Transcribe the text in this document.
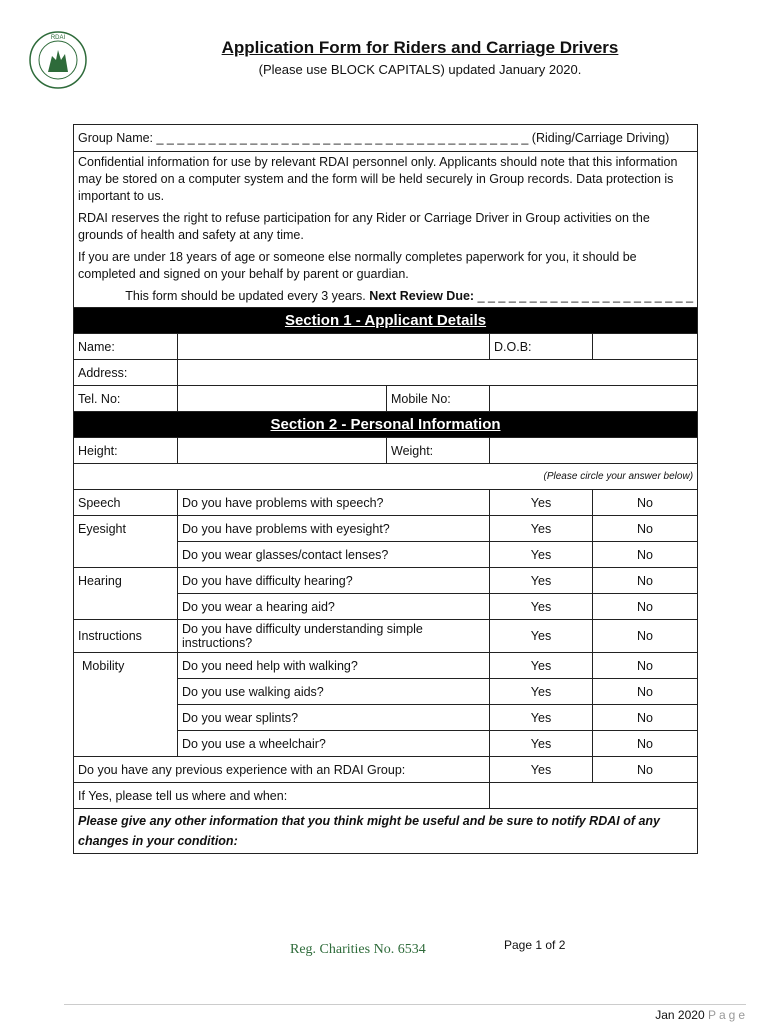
RDAI	Application Form for Riders and Carriage Drivers
(Please use BLOCK CAPITALS) updated January 2020.
Group Name: _ _ _ _ _ _ _ _ _ _ _ _ _ _ _ _ _ _ _ _ _ _ _ _ _ _ _ _ _ _ _ _ _ _ _ _ (Riding/Carriage Driving)				

Confidential information for use by relevant RDAI personnel only. Applicants should note that this information may be stored on a computer system and the form will be held securely in Group records. Data protection is important to us.

RDAI reserves the right to refuse participation for any Rider or Carriage Driver in Group activities on the grounds of health and safety at any time.

If you are under 18 years of age or someone else normally completes paperwork for you, it should be completed and signed on your behalf by parent or guardian.

This form should be updated every 3 years. Next Review Due: _ _ _ _ _ _ _ _ _ _ _ _ _ _ _ _ _ _ _ _ _				

Section 1 - Applicant Details				
Name:			D.O.B:	
Address:				
Tel. No:		Mobile No:		
Section 2 - Personal Information				
Height:		Weight:		
(Please circle your answer below)				
Speech	Do you have problems with speech?		Yes	No
Eyesight	Do you have problems with eyesight?		Yes	No
	Do you wear glasses/contact lenses?		Yes	No
Hearing	Do you have difficulty hearing?		Yes	No
	Do you wear a hearing aid?		Yes	No
Instructions	Do you have difficulty understanding simple instructions?		Yes	No
Mobility	Do you need help with walking?		Yes	No
	Do you use walking aids?		Yes	No
	Do you wear splints?		Yes	No
	Do you use a wheelchair?		Yes	No
Do you have any previous experience with an RDAI Group:			Yes	No
If Yes, please tell us where and when:				
Please give any other information that you think might be useful and be sure to notify RDAI of any changes in your condition:				
Reg. Charities No. 6534	Page 1 of 2
Jan 2020 Page
